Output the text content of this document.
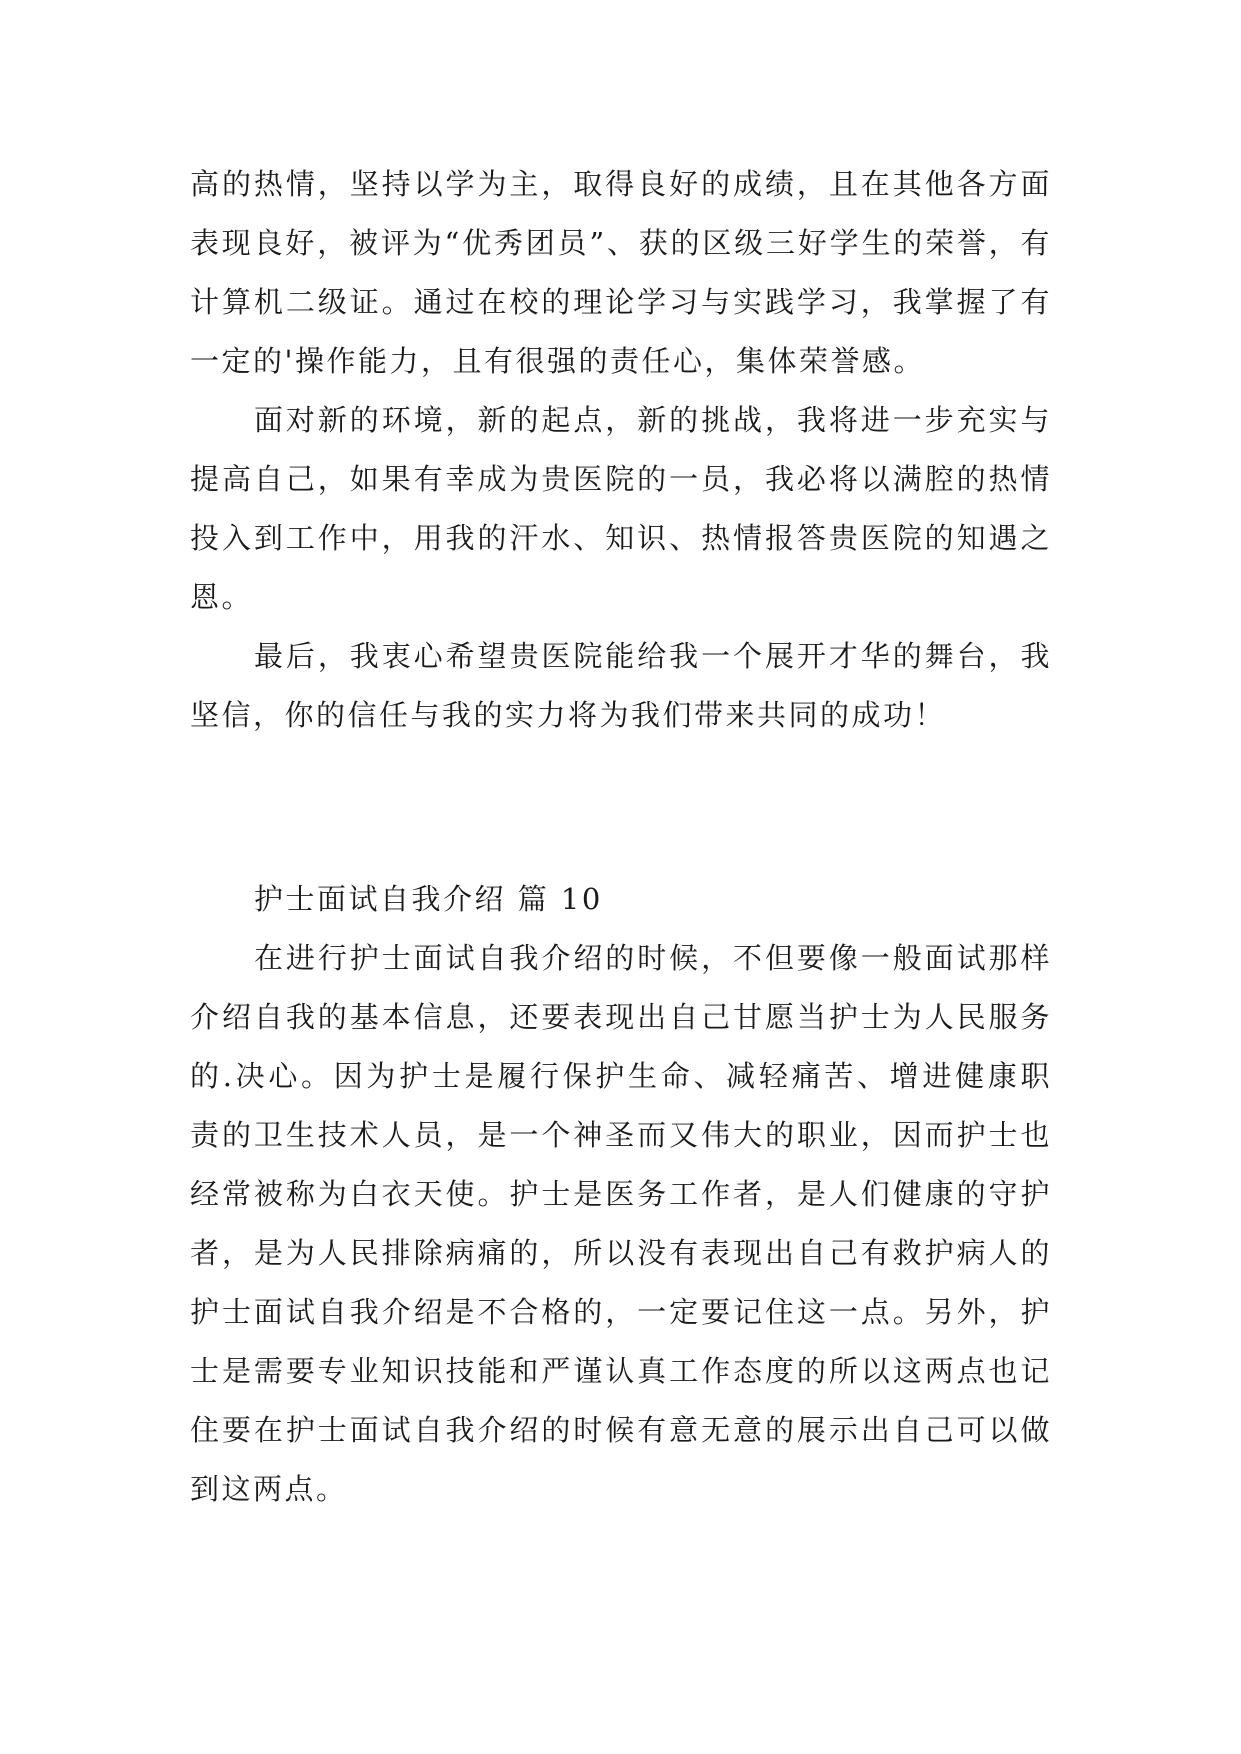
高的热情，坚持以学为主，取得良好的成绩，且在其他各方面表现良好，被评为“优秀团员”、获的区级三好学生的荣誉，有计算机二级证。通过在校的理论学习与实践学习，我掌握了有一定的'操作能力，且有很强的责任心，集体荣誉感。

面对新的环境，新的起点，新的挑战，我将进一步充实与提高自己，如果有幸成为贵医院的一员，我必将以满腔的热情投入到工作中，用我的汗水、知识、热情报答贵医院的知遇之恩。

最后，我衷心希望贵医院能给我一个展开才华的舞台，我坚信，你的信任与我的实力将为我们带来共同的成功！

护士面试自我介绍 篇 10

在进行护士面试自我介绍的时候，不但要像一般面试那样介绍自我的基本信息，还要表现出自己甘愿当护士为人民服务的.决心。因为护士是履行保护生命、减轻痛苦、增进健康职责的卫生技术人员，是一个神圣而又伟大的职业，因而护士也经常被称为白衣天使。护士是医务工作者，是人们健康的守护者，是为人民排除病痛的，所以没有表现出自己有救护病人的护士面试自我介绍是不合格的，一定要记住这一点。另外，护士是需要专业知识技能和严谨认真工作态度的所以这两点也记住要在护士面试自我介绍的时候有意无意的展示出自己可以做到这两点。
